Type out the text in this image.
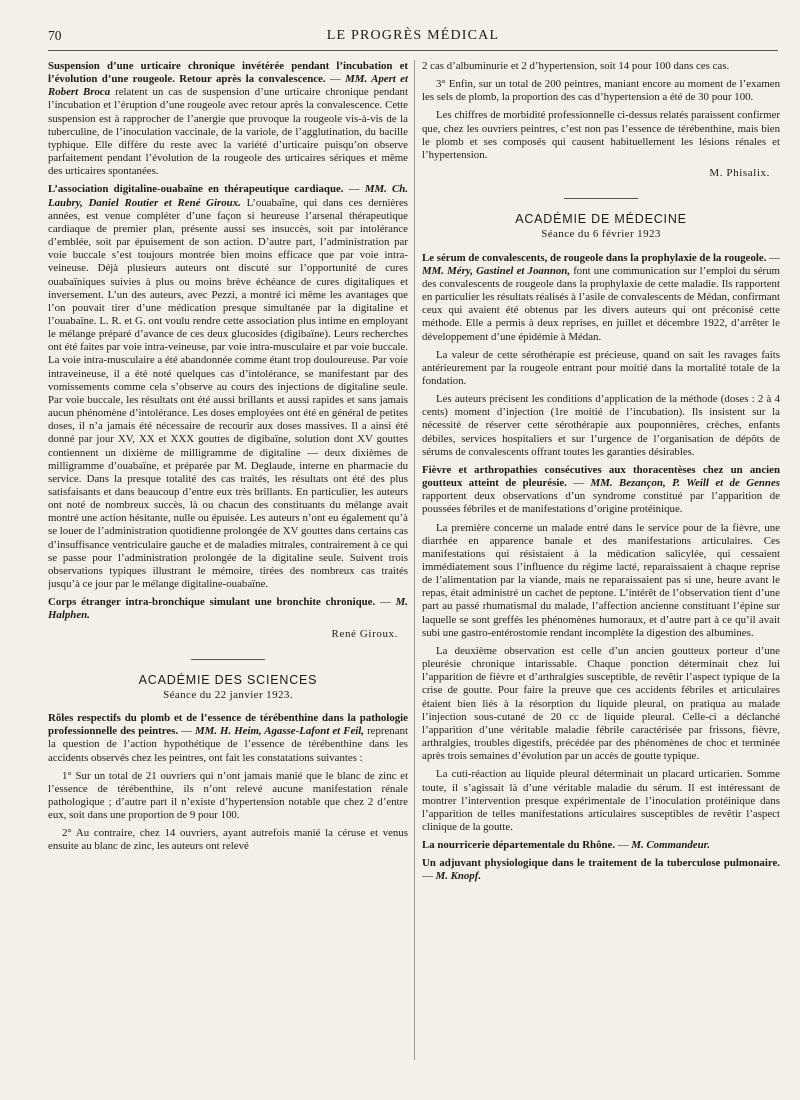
70	LE PROGRÈS MÉDICAL

Suspension d’une urticaire chronique invétérée pendant l’incubation et l’évolution d’une rougeole. Retour après la convalescence. — MM. Apert et Robert Broca relatent un cas de suspension d’une urticaire chronique pendant l’incubation et l’éruption d’une rougeole avec retour après la convalescence. Cette suspension est à rapprocher de l’anergie que provoque la rougeole vis-à-vis de la tuberculine, de l’inoculation vaccinale, de la variole, de l’agglutination, du bacille typhique. Elle diffère du reste avec la variété d’urticaire puisqu’on observe parfaitement pendant l’évolution de la rougeole des urticaires sériques et même des urticaires spontanées.

L’association digitaline-ouabaïne en thérapeutique cardiaque. — MM. Ch. Laubry, Daniel Routier et René Giroux. L’ouabaïne, qui dans ces dernières années, est venue compléter d’une façon si heureuse l’arsenal thérapeutique cardiaque de premier plan, présente aussi ses insuccès, soit par intolérance d’emblée, soit par épuisement de son action. D’autre part, l’administration par voie buccale s’est toujours montrée bien moins efficace que par voie intra-veineuse. Déjà plusieurs auteurs ont discuté sur l’opportunité de cures ouabaïniques suivies à plus ou moins brève échéance de cures digitaliques et inversement. L’un des auteurs, avec Pezzi, a montré ici même les avantages que l’on pouvait tirer d’une médication presque simultanée par la digitaline et l’ouabaïne. L. R. et G. ont voulu rendre cette association plus intime en employant le mélange préparé d’avance de ces deux glucosides (digibaïne). Leurs recherches ont été faites par voie intra-veineuse, par voie intra-musculaire et par voie buccale. La voie intra-musculaire a été abandonnée comme étant trop douloureuse. Par voie intraveineuse, il a été noté quelques cas d’intolérance, se manifestant par des vomissements comme cela s’observe au cours des injections de digitaline seule. Par voie buccale, les résultats ont été aussi brillants et aussi rapides et sans jamais aucun phénomène d’intolérance. Les doses employées ont été en général de petites doses, il n’a jamais été nécessaire de recourir aux doses massives. Il a ainsi été donné par jour XV, XX et XXX gouttes de digibaïne, solution dont XV gouttes contiennent un dixième de milligramme de digitaline — deux dixièmes de milligramme d’ouabaïne, et préparée par M. Deglaude, interne en pharmacie du service. Dans la presque totalité des cas traités, les résultats ont été des plus satisfaisants et dans beaucoup d’entre eux très brillants. En particulier, les auteurs ont noté de nombreux succès, là ou chacun des constituants du mélange avait montré une action hésitante, nulle ou épuisée. Les auteurs n’ont eu également qu’à se louer de l’administration quotidienne prolongée de XV gouttes dans certains cas d’insuffisance ventriculaire gauche et de maladies mitrales, contrairement à ce qui se passe pour l’administration prolongée de la digitaline seule. Suivent trois observations typiques illustrant le mémoire, tirées des nombreux cas traités jusqu’à ce jour par le mélange digitaline-ouabaïne.

Corps étranger intra-bronchique simulant une bronchite chronique. — M. Halphen.

René Giroux.
ACADÉMIE DES SCIENCES
Séance du 22 janvier 1923.

Rôles respectifs du plomb et de l’essence de térébenthine dans la pathologie professionnelle des peintres. — MM. H. Heim, Agasse-Lafont et Feil, reprenant la question de l’action hypothétique de l’essence de térébenthine dans les accidents observés chez les peintres, ont fait les constatations suivantes :

1° Sur un total de 21 ouvriers qui n’ont jamais manié que le blanc de zinc et l’essence de térébenthine, ils n’ont relevé aucune manifestation rénale pathologique ; d’autre part il n’existe d’hypertension notable que chez 2 d’entre eux, soit dans une proportion de 9 pour 100.

2° Au contraire, chez 14 ouvriers, ayant autrefois manié la céruse et venus ensuite au blanc de zinc, les auteurs ont relevé

2 cas d’albuminurie et 2 d’hypertension, soit 14 pour 100 dans ces cas.

3° Enfin, sur un total de 200 peintres, maniant encore au moment de l’examen les sels de plomb, la proportion des cas d’hypertension a été de 30 pour 100.

Les chiffres de morbidité professionnelle ci-dessus relatés paraissent confirmer que, chez les ouvriers peintres, c’est non pas l’essence de térébenthine, mais bien le plomb et ses composés qui causent habituellement les lésions rénales et l’hypertension.

M. Phisalix.
ACADÉMIE DE MÉDECINE
Séance du 6 février 1923

Le sérum de convalescents, de rougeole dans la prophylaxie de la rougeole. — MM. Méry, Gastinel et Joannon, font une communication sur l’emploi du sérum des convalescents de rougeole dans la prophylaxie de cette maladie. Ils rapportent en particulier les résultats réalisés à l’asile de convalescents de Médan, confirmant ceux qui avaient été obtenus par les divers auteurs qui ont préconisé cette méthode. Elle a permis à deux reprises, en juillet et décembre 1922, d’arrêter le développement d’une épidémie à Médan.

La valeur de cette sérothérapie est précieuse, quand on sait les ravages faits antérieurement par la rougeole entrant pour moitié dans la mortalité totale de la fondation.

Les auteurs précisent les conditions d’application de la méthode (doses : 2 à 4 cents) moment d’injection (1re moitié de l’incubation). Ils insistent sur la nécessité de réserver cette sérothérapie aux pouponnières, crèches, enfants débiles, services hospitaliers et sur l’urgence de l’organisation de dépôts de sérums de convalescents offrant toutes les garanties désirables.

Fièvre et arthropathies consécutives aux thoracentèses chez un ancien goutteux atteint de pleurésie. — MM. Bezançon, P. Weill et de Gennes rapportent deux observations d’un syndrome constitué par l’apparition de poussées fébriles et de manifestations d’origine protéinique.

La première concerne un malade entré dans le service pour de la fièvre, une diarrhée en apparence banale et des manifestations articulaires. Ces manifestations qui résistaient à la médication salicylée, qui cessaient immédiatement sous l’influence du régime lacté, reparaissaient à chaque reprise de l’alimentation par la viande, mais ne reparaissaient pas si une, heure avant le repas, était administré un cachet de peptone. L’intérêt de l’observation tient d’une part au passé rhumatismal du malade, l’affection ancienne constituant l’épine sur laquelle se sont greffés les phénomènes humoraux, et d’autre part à ce qu’il avait subi une gastro-entérostomie rendant incomplète la digestion des albumines.

La deuxième observation est celle d’un ancien goutteux porteur d’une pleurésie chronique intarissable. Chaque ponction déterminait chez lui l’apparition de fièvre et d’arthralgies susceptible, de revêtir l’aspect typique de la crise de goutte. Pour faire la preuve que ces accidents fébriles et articulaires étaient bien liés à la résorption du liquide pleural, on pratiqua au malade l’injection sous-cutané de 20 cc de liquide pleural. Celle-ci a déclanché l’apparition d’une véritable maladie fébrile caractérisée par frissons, fièvre, arthralgies, troubles digestifs, précédée par des phénomènes de choc et terminée après trois semaines d’évolution par un accès de goutte typique.

La cuti-réaction au liquide pleural déterminait un placard urticarien. Somme toute, il s’agissait là d’une véritable maladie du sérum. Il est intéressant de montrer l’intervention presque expérimentale de l’inoculation protéinique dans l’apparition de telles manifestations articulaires susceptibles de revêtir l’aspect clinique de la goutte.

La nourricerie départementale du Rhône. — M. Commandeur.

Un adjuvant physiologique dans le traitement de la tuberculose pulmonaire. — M. Knopf.
